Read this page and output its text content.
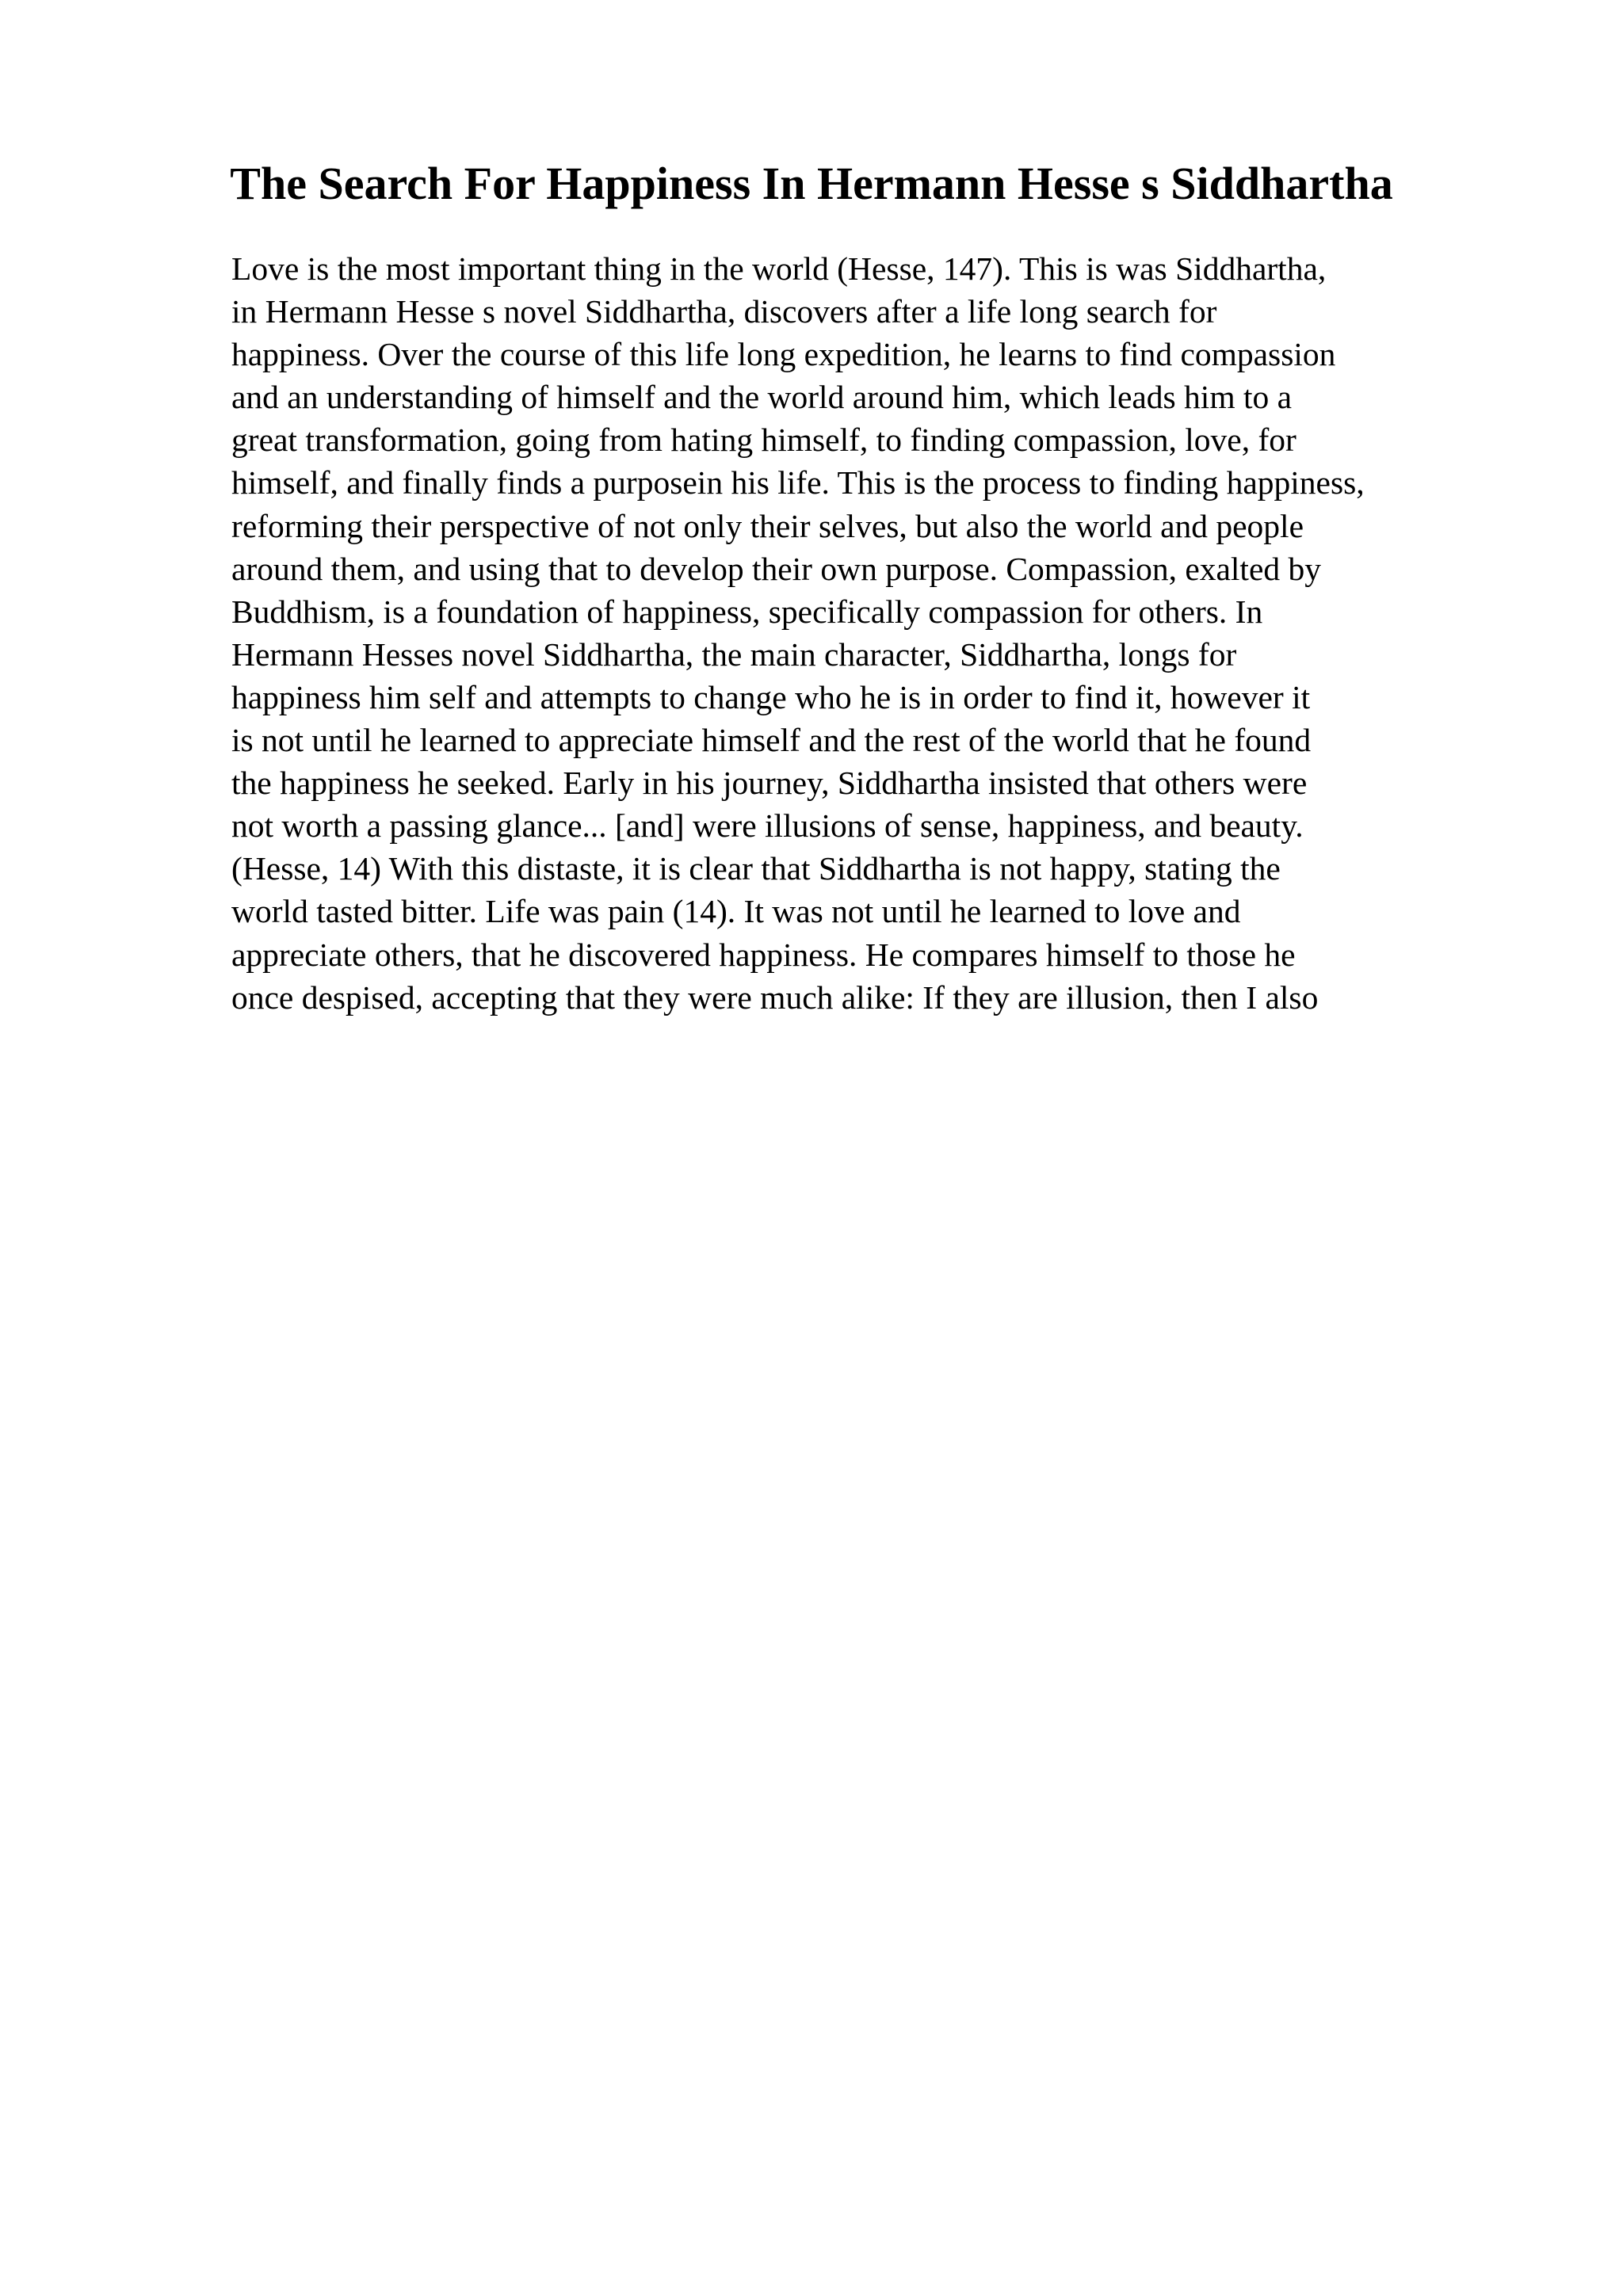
The Search For Happiness In Hermann Hesse s Siddhartha
Love is the most important thing in the world (Hesse, 147). This is was Siddhartha,
in Hermann Hesse s novel Siddhartha, discovers after a life long search for
happiness. Over the course of this life long expedition, he learns to find compassion
and an understanding of himself and the world around him, which leads him to a
great transformation, going from hating himself, to finding compassion, love, for
himself, and finally finds a purposein his life. This is the process to finding happiness,
reforming their perspective of not only their selves, but also the world and people
around them, and using that to develop their own purpose. Compassion, exalted by
Buddhism, is a foundation of happiness, specifically compassion for others. In
Hermann Hesses novel Siddhartha, the main character, Siddhartha, longs for
happiness him self and attempts to change who he is in order to find it, however it
is not until he learned to appreciate himself and the rest of the world that he found
the happiness he seeked. Early in his journey, Siddhartha insisted that others were
not worth a passing glance... [and] were illusions of sense, happiness, and beauty.
(Hesse, 14) With this distaste, it is clear that Siddhartha is not happy, stating the
world tasted bitter. Life was pain (14). It was not until he learned to love and
appreciate others, that he discovered happiness. He compares himself to those he
once despised, accepting that they were much alike: If they are illusion, then I also
